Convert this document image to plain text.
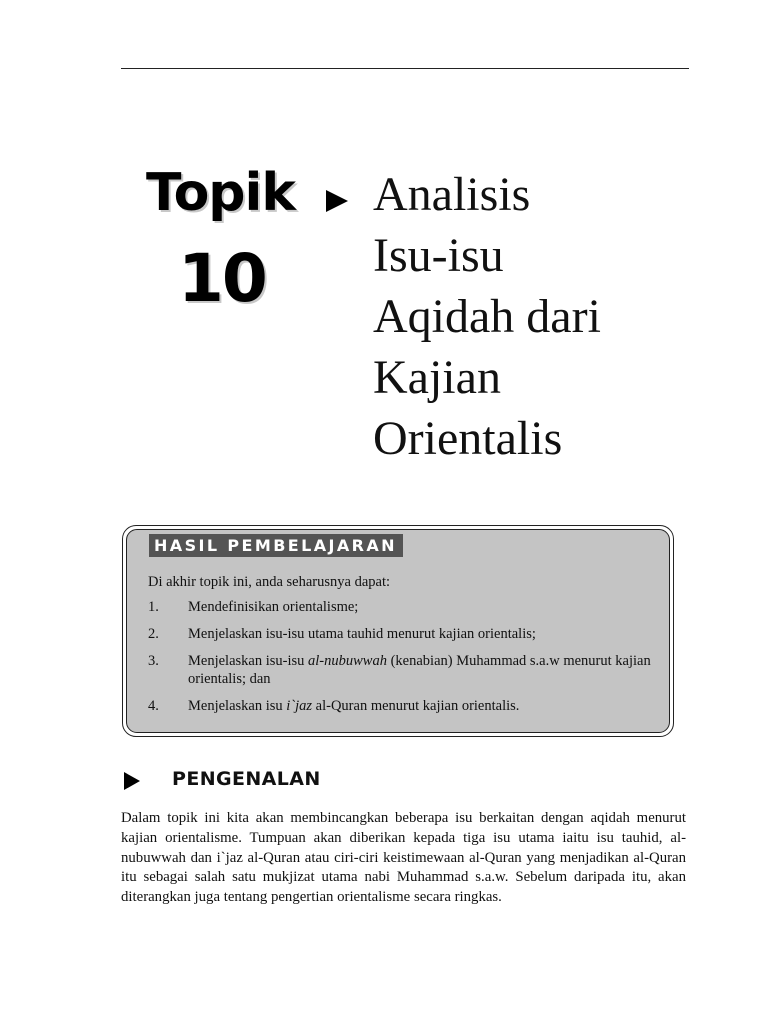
Topik
10
Analisis
Isu-isu
Aqidah dari
Kajian
Orientalis
HASIL PEMBELAJARAN
Di akhir topik ini, anda seharusnya dapat:
1. Mendefinisikan orientalisme;
2. Menjelaskan isu-isu utama tauhid menurut kajian orientalis;
3. Menjelaskan isu-isu al-nubuwwah (kenabian) Muhammad s.a.w menurut kajian orientalis; dan
4. Menjelaskan isu i`jaz al-Quran menurut kajian orientalis.
PENGENALAN

Dalam topik ini kita akan membincangkan beberapa isu berkaitan dengan aqidah menurut kajian orientalisme. Tumpuan akan diberikan kepada tiga isu utama iaitu isu tauhid, al-nubuwwah dan i`jaz al-Quran atau ciri-ciri keistimewaan al-Quran yang menjadikan al-Quran itu sebagai salah satu mukjizat utama nabi Muhammad s.a.w. Sebelum daripada itu, akan diterangkan juga tentang pengertian orientalisme secara ringkas.
